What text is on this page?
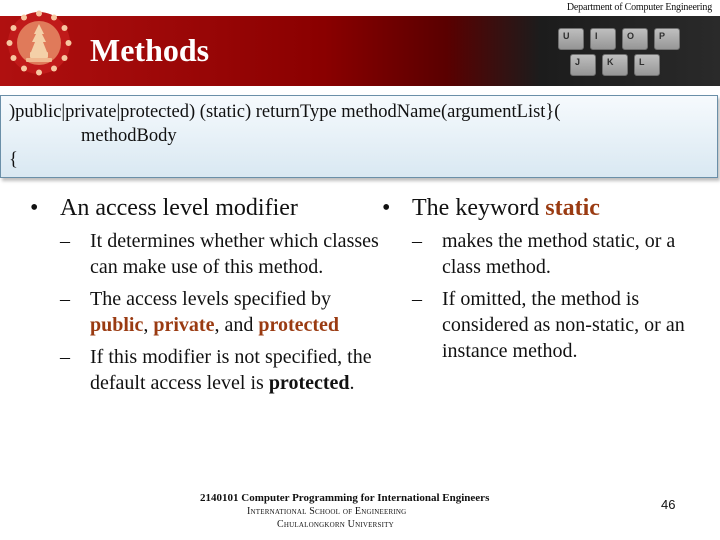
Department of Computer Engineering
U	I	O	P
J	K	L
Methods
)public|private|protected) (static) returnType methodName(argumentList}(
methodBody
{
• An access level modifier
– It determines whether which classes can make use of this method.
– The access levels specified by public, private, and protected
– If this modifier is not specified, the default access level is protected.
• The keyword static
– makes the method static, or a class method.
– If omitted, the method is considered as non-static, or an instance method.
2140101 Computer Programming for International Engineers
International School of Engineering
Chulalongkorn University
46
